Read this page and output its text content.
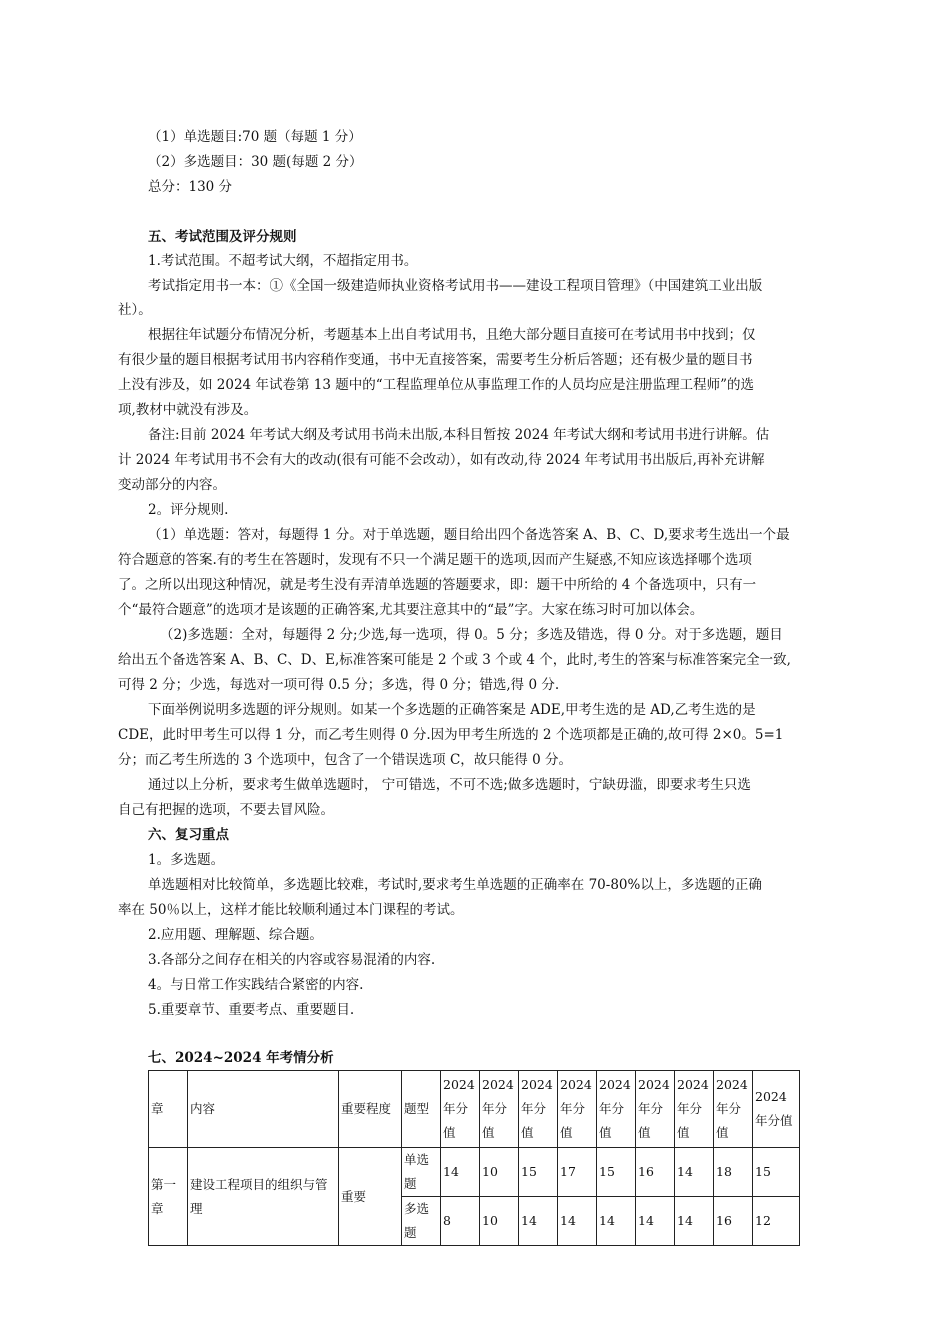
（1）单选题目:70 题（每题 1 分）
（2）多选题目：30 题(每题 2 分）
总分：130 分
五、考试范围及评分规则
1.考试范围。不超考试大纲，不超指定用书。
考试指定用书一本：①《全国一级建造师执业资格考试用书——建设工程项目管理》（中国建筑工业出版
社）。
根据往年试题分布情况分析，考题基本上出自考试用书，且绝大部分题目直接可在考试用书中找到；仅
有很少量的题目根据考试用书内容稍作变通，书中无直接答案，需要考生分析后答题；还有极少量的题目书
上没有涉及，如 2024 年试卷第 13 题中的“工程监理单位从事监理工作的人员均应是注册监理工程师”的选
项,教材中就没有涉及。
备注:目前 2024 年考试大纲及考试用书尚未出版,本科目暂按 2024 年考试大纲和考试用书进行讲解。估
计 2024 年考试用书不会有大的改动(很有可能不会改动），如有改动,待 2024 年考试用书出版后,再补充讲解
变动部分的内容。
2。评分规则.
（1）单选题：答对，每题得 1 分。对于单选题，题目给出四个备选答案 A、B、C、D,要求考生选出一个最
符合题意的答案.有的考生在答题时，发现有不只一个满足题干的选项,因而产生疑惑,不知应该选择哪个选项
了。之所以出现这种情况，就是考生没有弄清单选题的答题要求，即：题干中所给的 4 个备选项中，只有一
个“最符合题意”的选项才是该题的正确答案,尤其要注意其中的“最”字。大家在练习时可加以体会。
（2)多选题：全对，每题得 2 分;少选,每一选项，得 0。5 分；多选及错选，得 0 分。对于多选题，题目
给出五个备选答案 A、B、C、D、E,标准答案可能是 2 个或 3 个或 4 个，此时,考生的答案与标准答案完全一致,
可得 2 分；少选，每选对一项可得 0.5 分；多选，得 0 分；错选,得 0 分.
下面举例说明多选题的评分规则。如某一个多选题的正确答案是 ADE,甲考生选的是 AD,乙考生选的是
CDE，此时甲考生可以得 1 分，而乙考生则得 0 分.因为甲考生所选的 2 个选项都是正确的,故可得 2×0。5=1
分；而乙考生所选的 3 个选项中，包含了一个错误选项 C，故只能得 0 分。
通过以上分析，要求考生做单选题时， 宁可错选，不可不选;做多选题时，宁缺毋滥，即要求考生只选
自己有把握的选项，不要去冒风险。
六、复习重点
1。多选题。
单选题相对比较简单，多选题比较难，考试时,要求考生单选题的正确率在 70-80%以上，多选题的正确
率在 50％以上，这样才能比较顺利通过本门课程的考试。
2.应用题、理解题、综合题。
3.各部分之间存在相关的内容或容易混淆的内容.
4。与日常工作实践结合紧密的内容.
5.重要章节、重要考点、重要题目.
七、2024~2024 年考情分析
章	内容	重要程度	题型	2024 年分值	2024 年分值	2024 年分值	2024 年分值	2024 年分值	2024 年分值	2024 年分值	2024 年分值	2024 年分值
第一章	建设工程项目的组织与管理	重要	单选题	14	10	15	17	15	16	14	18	15
			多选题	8	10	14	14	14	14	14	16	12
